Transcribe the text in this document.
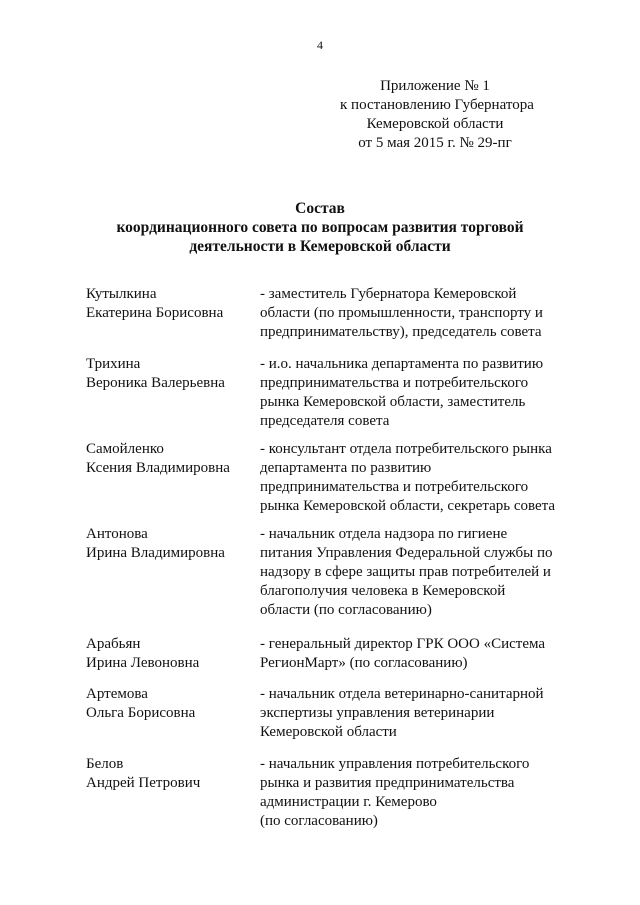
4
Приложение № 1
к постановлению Губернатора
Кемеровской области
от 5 мая 2015 г. № 29-пг
Состав
координационного совета по вопросам развития торговой
деятельности в Кемеровской области
Кутылкина
Екатерина Борисовна
- заместитель Губернатора Кемеровской
области (по промышленности, транспорту и
предпринимательству), председатель совета
Трихина
Вероника Валерьевна
- и.о. начальника департамента по развитию
предпринимательства и потребительского
рынка Кемеровской области, заместитель
председателя совета
Самойленко
Ксения Владимировна
- консультант отдела потребительского рынка
департамента по развитию
предпринимательства и потребительского
рынка Кемеровской области, секретарь совета
Антонова
Ирина Владимировна
- начальник отдела надзора по гигиене
питания Управления Федеральной службы по
надзору в сфере защиты прав потребителей и
благополучия человека в Кемеровской
области (по согласованию)
Арабьян
Ирина Левоновна
- генеральный директор ГРК ООО «Система
РегионМарт» (по согласованию)
Артемова
Ольга Борисовна
- начальник отдела ветеринарно-санитарной
экспертизы управления ветеринарии
Кемеровской области
Белов
Андрей Петрович
- начальник управления потребительского
рынка и развития предпринимательства
администрации г. Кемерово
(по согласованию)
